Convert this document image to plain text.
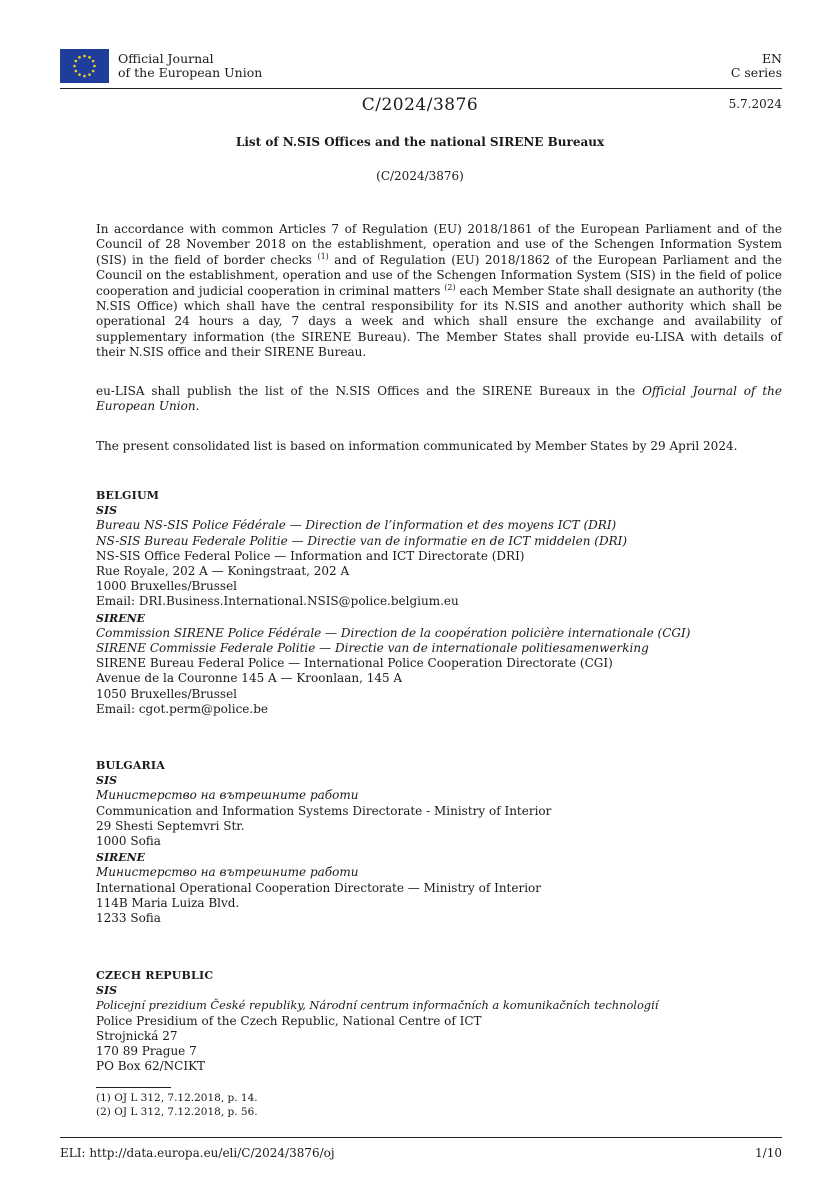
Official Journal
of the European Union
EN
C series
C/2024/3876	5.7.2024
List of N.SIS Offices and the national SIRENE Bureaux
(C/2024/3876)
In accordance with common Articles 7 of Regulation (EU) 2018/1861 of the European Parliament and of the Council of 28 November 2018 on the establishment, operation and use of the Schengen Information System (SIS) in the field of border checks $^{(1)}$ and of Regulation (EU) 2018/1862 of the European Parliament and the Council on the establishment, operation and use of the Schengen Information System (SIS) in the field of police cooperation and judicial cooperation in criminal matters $^{(2)}$ each Member State shall designate an authority (the N.SIS Office) which shall have the central responsibility for its N.SIS and another authority which shall be operational 24 hours a day, 7 days a week and which shall ensure the exchange and availability of supplementary information (the SIRENE Bureau). The Member States shall provide eu-LISA with details of their N.SIS office and their SIRENE Bureau.
eu-LISA shall publish the list of the N.SIS Offices and the SIRENE Bureaux in the Official Journal of the European Union.
The present consolidated list is based on information communicated by Member States by 29 April 2024.
BELGIUM
SIS
Bureau NS-SIS Police Fédérale — Direction de l’information et des moyens ICT (DRI)
NS-SIS Bureau Federale Politie — Directie van de informatie en de ICT middelen (DRI)
NS-SIS Office Federal Police — Information and ICT Directorate (DRI)
Rue Royale, 202 A — Koningstraat, 202 A
1000 Bruxelles/Brussel
Email: DRI.Business.International.NSIS@police.belgium.eu
SIRENE
Commission SIRENE Police Fédérale — Direction de la coopération policière internationale (CGI)
SIRENE Commissie Federale Politie — Directie van de internationale politiesamenwerking
SIRENE Bureau Federal Police — International Police Cooperation Directorate (CGI)
Avenue de la Couronne 145 A — Kroonlaan, 145 A
1050 Bruxelles/Brussel
Email: cgot.perm@police.be
BULGARIA
SIS
Министерство на вътрешните работи
Communication and Information Systems Directorate - Ministry of Interior
29 Shesti Septemvri Str.
1000 Sofia
SIRENE
Министерство на вътрешните работи
International Operational Cooperation Directorate — Ministry of Interior
114B Maria Luiza Blvd.
1233 Sofia
CZECH REPUBLIC
SIS
Policejní prezidium České republiky, Národní centrum informačních a komunikačních technologií
Police Presidium of the Czech Republic, National Centre of ICT
Strojnická 27
170 89 Prague 7
PO Box 62/NCIKT
(1) OJ L 312, 7.12.2018, p. 14.
(2) OJ L 312, 7.12.2018, p. 56.
ELI: http://data.europa.eu/eli/C/2024/3876/oj	1/10
